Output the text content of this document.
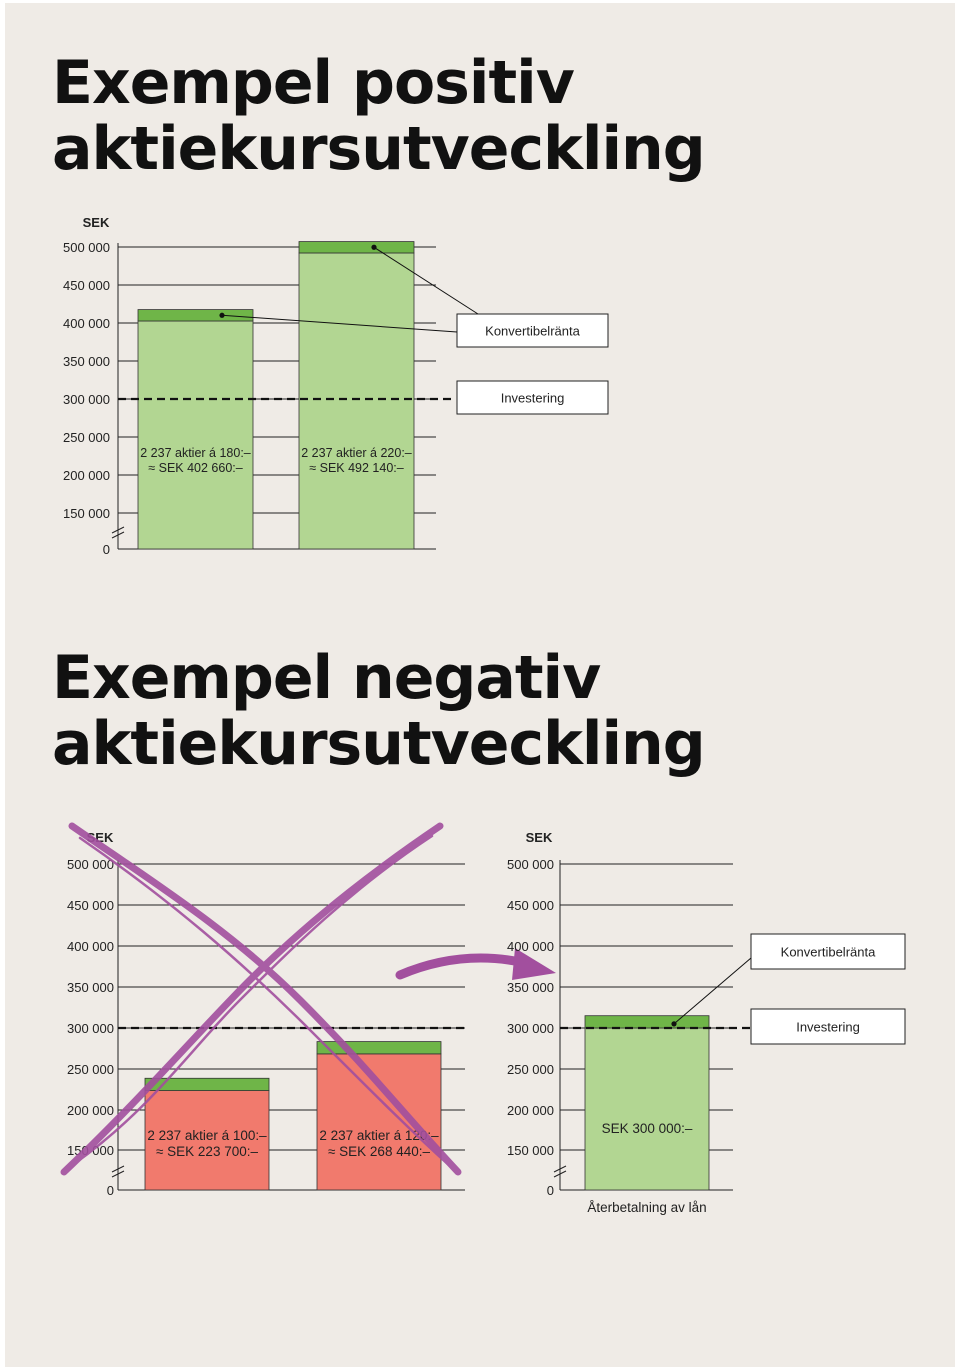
Exempel positiv
aktiekursutveckling
Exempel negativ
aktiekursutveckling
SEK
0
150 000
200 000
250 000
300 000
350 000
400 000
450 000
500 000
2 237 aktier á 180:–
≈ SEK 402 660:–
2 237 aktier á 220:–
≈ SEK 492 140:–
Investering
Konvertibelränta
SEK
0
150 000
200 000
250 000
300 000
350 000
400 000
450 000
500 000
2 237 aktier á 100:–
≈ SEK 223 700:–
2 237 aktier á 120:–
≈ SEK 268 440:–
SEK
0
150 000
200 000
250 000
300 000
350 000
400 000
450 000
500 000
SEK 300 000:–
Återbetalning av lån
Investering
Konvertibelränta
